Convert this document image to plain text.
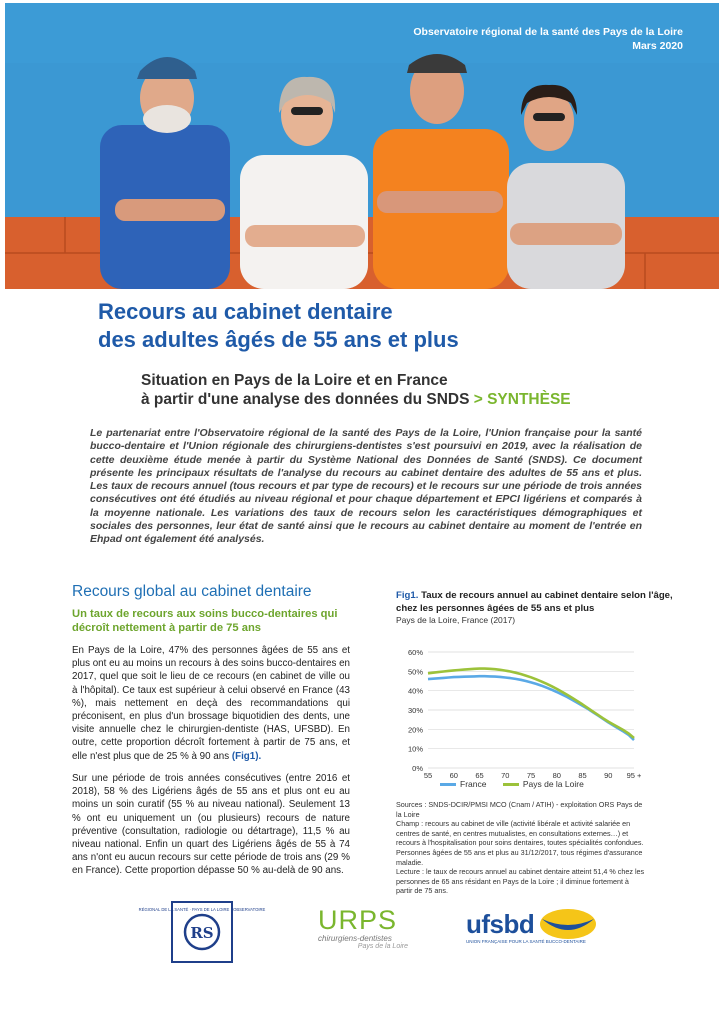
Observatoire régional de la santé des Pays de la Loire
Mars 2020
Recours au cabinet dentaire
des adultes âgés de 55 ans et plus
Situation en Pays de la Loire et en France
à partir d'une analyse des données du SNDS > SYNTHÈSE

Le partenariat entre l'Observatoire régional de la santé des Pays de la Loire, l'Union française pour la santé bucco-dentaire et l'Union régionale des chirurgiens-dentistes s'est poursuivi en 2019, avec la réalisation de cette deuxième étude menée à partir du Système National des Données de Santé (SNDS). Ce document présente les principaux résultats de l'analyse du recours au cabinet dentaire des adultes de 55 ans et plus. Les taux de recours annuel (tous recours et par type de recours) et le recours sur une période de trois années consécutives ont été étudiés au niveau régional et pour chaque département et EPCI ligériens et comparés à la moyenne nationale. Les variations des taux de recours selon les caractéristiques démographiques et sociales des personnes, leur état de santé ainsi que le recours au cabinet dentaire au moment de l'entrée en Ehpad ont également été analysés.

Recours global au cabinet dentaire
Un taux de recours aux soins bucco-dentaires qui décroît nettement à partir de 75 ans

En Pays de la Loire, 47% des personnes âgées de 55 ans et plus ont eu au moins un recours à des soins bucco-dentaires en 2017, quel que soit le lieu de ce recours (en cabinet de ville ou à l'hôpital). Ce taux est supérieur à celui observé en France (43 %), mais nettement en deçà des recommandations qui préconisent, en plus d'un brossage biquotidien des dents, une visite annuelle chez le chirurgien-dentiste (HAS, UFSBD). En outre, cette proportion décroît fortement à partir de 75 ans, et elle n'est plus que de 25 % à 90 ans (Fig1).

Sur une période de trois années consécutives (entre 2016 et 2018), 58 % des Ligériens âgés de 55 ans et plus ont eu au moins un soin curatif (55 % au niveau national). Seulement 13 % ont eu uniquement un (ou plusieurs) recours de nature préventive (consultation, radiologie ou détartrage), 11,5 % au niveau national. Enfin un quart des Ligériens âgés de 55 à 74 ans n'ont eu aucun recours sur cette période de trois ans (29 % en France). Cette proportion dépasse 50 % au-delà de 90 ans.

Fig1. Taux de recours annuel au cabinet dentaire selon l'âge, chez les personnes âgées de 55 ans et plus
Pays de la Loire, France (2017)
0%
10%
20%
30%
40%
50%
60%
55 60 65 70 75 80 85 90 95 +
France	Pays de la Loire

Sources : SNDS-DCIR/PMSI MCO (Cnam / ATIH) - exploitation ORS Pays de la Loire
Champ : recours au cabinet de ville (activité libérale et activité salariée en centres de santé, en centres mutualistes, en consultations externes…) et recours à l'hospitalisation pour soins dentaires, toutes spécialités confondues. Personnes âgées de 55 ans et plus au 31/12/2017, tous régimes d'assurance maladie.
Lecture : le taux de recours annuel au cabinet dentaire atteint 51,4 % chez les personnes de 65 ans résidant en Pays de la Loire ; il diminue fortement à partir de 75 ans.

RS
RÉGIONAL DE LA SANTÉ · PAYS DE LA LOIRE · OBSERVATOIRE URPS
chirurgiens-dentistes
Pays de la Loire
ufsbd
UNION FRANÇAISE POUR LA SANTÉ BUCCO-DENTAIRE
